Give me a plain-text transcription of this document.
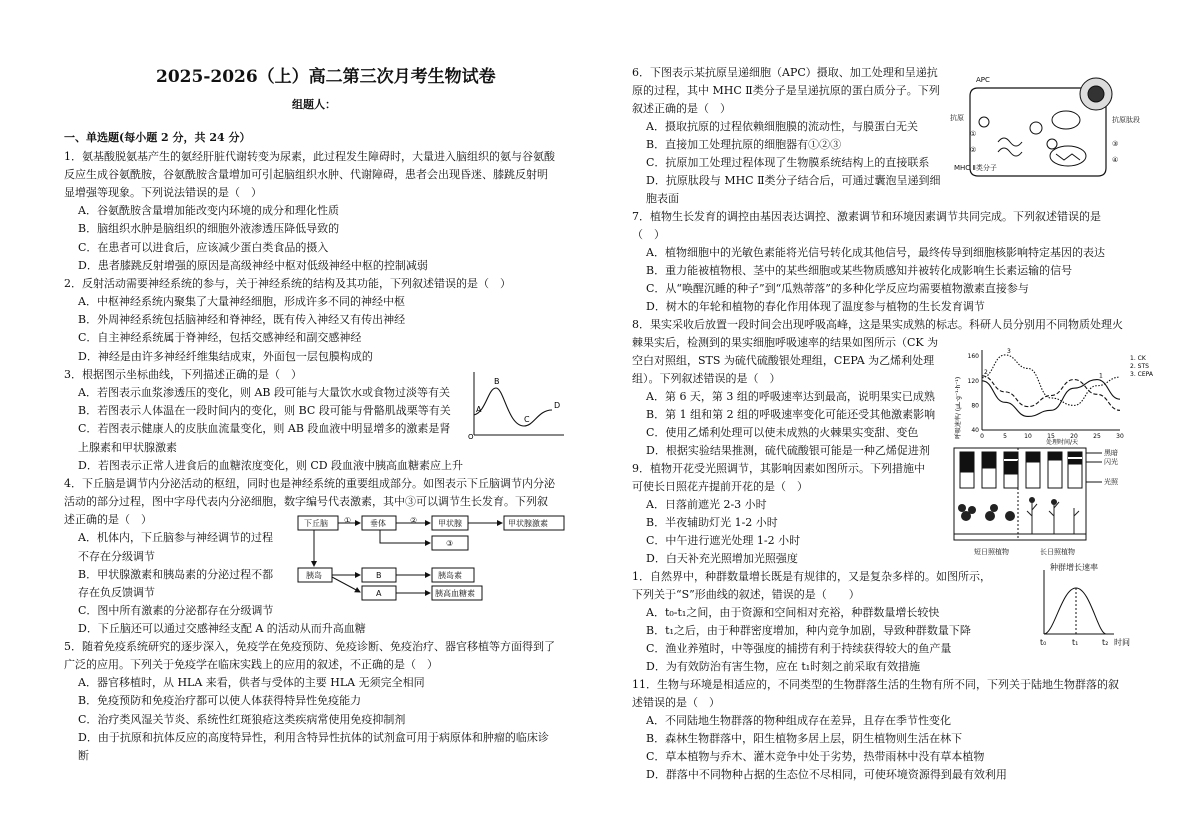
2025-2026（上）高二第三次月考生物试卷
组题人：
一、单选题(每小题 2 分，共 24 分）
1．氨基酸脱氨基产生的氨经肝脏代谢转变为尿素，此过程发生障碍时，大量进入脑组织的氨与谷氨酸
反应生成谷氨酰胺，谷氨酰胺含量增加可引起脑组织水肿、代谢障碍，患者会出现昏迷、膝跳反射明
显增强等现象。下列说法错误的是（　）
A．谷氨酰胺含量增加能改变内环境的成分和理化性质
B．脑组织水肿是脑组织的细胞外液渗透压降低导致的
C．在患者可以进食后，应该减少蛋白类食品的摄入
D．患者膝跳反射增强的原因是高级神经中枢对低级神经中枢的控制减弱
2．反射活动需要神经系统的参与，关于神经系统的结构及其功能，下列叙述错误的是（　）
A．中枢神经系统内聚集了大量神经细胞，形成许多不同的神经中枢
B．外周神经系统包括脑神经和脊神经，既有传入神经又有传出神经
C．自主神经系统属于脊神经，包括交感神经和副交感神经
D．神经是由许多神经纤维集结成束，外面包一层包膜构成的
3．根据图示坐标曲线，下列描述正确的是（　）
A．若图表示血浆渗透压的变化，则 AB 段可能与大量饮水或食物过淡等有关
B．若图表示人体温在一段时间内的变化，则 BC 段可能与骨骼肌战栗等有关
C．若图表示健康人的皮肤血流量变化，则 AB 段血液中明显增多的激素是肾
上腺素和甲状腺激素
D．若图表示正常人进食后的血糖浓度变化，则 CD 段血液中胰高血糖素应上升
4．下丘脑是调节内分泌活动的枢纽，同时也是神经系统的重要组成部分。如图表示下丘脑调节内分泌
活动的部分过程，图中字母代表内分泌细胞，数字编号代表激素，其中③可以调节生长发育。下列叙
述正确的是（　）
A．机体内，下丘脑参与神经调节的过程
不存在分级调节
B．甲状腺激素和胰岛素的分泌过程不都
存在负反馈调节
C．图中所有激素的分泌都存在分级调节
D．下丘脑还可以通过交感神经支配 A 的活动从而升高血糖
5．随着免疫系统研究的逐步深入，免疫学在免疫预防、免疫诊断、免疫治疗、器官移植等方面得到了
广泛的应用。下列关于免疫学在临床实践上的应用的叙述，不正确的是（　）
A．器官移植时，从 HLA 来看，供者与受体的主要 HLA 无须完全相同
B．免疫预防和免疫治疗都可以使人体获得特异性免疫能力
C．治疗类风湿关节炎、系统性红斑狼疮这类疾病常使用免疫抑制剂
D．由于抗原和抗体反应的高度特异性，利用含特异性抗体的试剂盒可用于病原体和肿瘤的临床诊
断
6．下图表示某抗原呈递细胞（APC）摄取、加工处理和呈递抗
原的过程，其中 MHC Ⅱ类分子是呈递抗原的蛋白质分子。下列
叙述正确的是（　）
A．摄取抗原的过程依赖细胞膜的流动性，与膜蛋白无关
B．直接加工处理抗原的细胞器有①②③
C．抗原加工处理过程体现了生物膜系统结构上的直接联系
D．抗原肽段与 MHC Ⅱ类分子结合后，可通过囊泡呈递到细
胞表面
7．植物生长发育的调控由基因表达调控、激素调节和环境因素调节共同完成。下列叙述错误的是
（　）
A．植物细胞中的光敏色素能将光信号转化成其他信号，最终传导到细胞核影响特定基因的表达
B．重力能被植物根、茎中的某些细胞或某些物质感知并被转化成影响生长素运输的信号
C．从“唤醒沉睡的种子”到“瓜熟蒂落”的多种化学反应均需要植物激素直接参与
D．树木的年轮和植物的春化作用体现了温度参与植物的生长发育调节
8．果实采收后放置一段时间会出现呼吸高峰，这是果实成熟的标志。科研人员分别用不同物质处理火
棘果实后，检测到的果实细胞呼吸速率的结果如图所示（CK 为
空白对照组，STS 为硫代硫酸银处理组，CEPA 为乙烯利处理
组）。下列叙述错误的是（　）
A．第 6 天，第 3 组的呼吸速率达到最高，说明果实已成熟
B．第 1 组和第 2 组的呼吸速率变化可能还受其他激素影响
C．使用乙烯利处理可以使未成熟的火棘果实变甜、变色
D．根据实验结果推测，硫代硫酸银可能是一种乙烯促进剂
9．植物开花受光照调节，其影响因素如图所示。下列措施中
可使长日照花卉提前开花的是（　）
A．日落前遮光 2-3 小时
B．半夜辅助灯光 1-2 小时
C．中午进行遮光处理 1-2 小时
D．白天补充光照增加光照强度
1．自然界中，种群数量增长既是有规律的，又是复杂多样的。如图所示，
下列关于“S”形曲线的叙述，错误的是（　　）
A．t₀-t₁之间，由于资源和空间相对充裕，种群数量增长较快
B．t₁之后，由于种群密度增加，种内竞争加剧，导致种群数量下降
C．渔业养殖时，中等强度的捕捞有利于持续获得较大的鱼产量
D．为有效防治有害生物，应在 t₁时刻之前采取有效措施
11．生物与环境是相适应的，不同类型的生物群落生活的生物有所不同，下列关于陆地生物群落的叙
述错误的是（　）
A．不同陆地生物群落的物种组成存在差异，且存在季节性变化
B．森林生物群落中，阳生植物多居上层，阴生植物则生活在林下
C．草本植物与乔木、灌木竞争中处于劣势，热带雨林中没有草本植物
D．群落中不同物种占据的生态位不尽相同，可使环境资源得到最有效利用
A
B
C
D
O
下丘脑	垂体	甲状腺	甲状腺激素
③
①	②
胰岛	B
A
胰岛素
胰高血糖素
APC
抗原	抗原肽段
MHC Ⅱ类分子
①
②
③
④
呼吸速率/ (μL·g⁻¹·h⁻¹) 40
80
120
160
0	5	10	15	20	25	30
1
2
3
1. CK
2. STS
3. CEPA
处理时间/天
黑暗
闪光
光照
短日照植物	长日照植物
种群增长速率
t₀	t₁	t₂ 时间
